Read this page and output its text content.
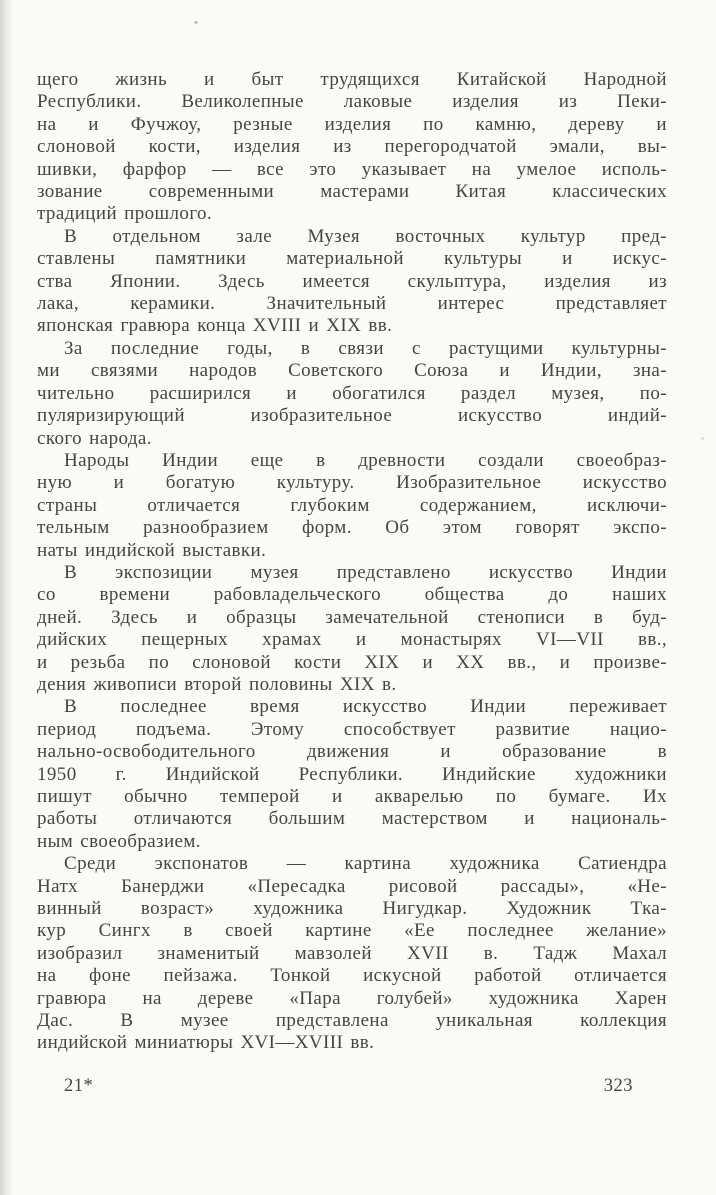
щего жизнь и быт трудящихся Китайской Народной
Республики. Великолепные лаковые изделия из Пеки-
на и Фучжоу, резные изделия по камню, дереву и
слоновой кости, изделия из перегородчатой эмали, вы-
шивки, фарфор — все это указывает на умелое исполь-
зование современными мастерами Китая классических
традиций прошлого.

В отдельном зале Музея восточных культур пред-
ставлены памятники материальной культуры и искус-
ства Японии. Здесь имеется скульптура, изделия из
лака, керамики. Значительный интерес представляет
японская гравюра конца XVIII и XIX вв.

За последние годы, в связи с растущими культурны-
ми связями народов Советского Союза и Индии, зна-
чительно расширился и обогатился раздел музея, по-
пуляризирующий изобразительное искусство индий-
ского народа.

Народы Индии еще в древности создали своеобраз-
ную и богатую культуру. Изобразительное искусство
страны отличается глубоким содержанием, исключи-
тельным разнообразием форм. Об этом говорят экспо-
наты индийской выставки.

В экспозиции музея представлено искусство Индии
со времени рабовладельческого общества до наших
дней. Здесь и образцы замечательной стенописи в буд-
дийских пещерных храмах и монастырях VI—VII вв.,
и резьба по слоновой кости XIX и XX вв., и произве-
дения живописи второй половины XIX в.

В последнее время искусство Индии переживает
период подъема. Этому способствует развитие нацио-
нально-освободительного движения и образование в
1950 г. Индийской Республики. Индийские художники
пишут обычно темперой и акварелью по бумаге. Их
работы отличаются большим мастерством и националь-
ным своеобразием.

Среди экспонатов — картина художника Сатиендра
Натх Банерджи «Пересадка рисовой рассады», «Не-
винный возраст» художника Нигудкар. Художник Тка-
кур Сингх в своей картине «Ее последнее желание»
изобразил знаменитый мавзолей XVII в. Тадж Махал
на фоне пейзажа. Тонкой искусной работой отличается
гравюра на дереве «Пара голубей» художника Харен
Дас. В музее представлена уникальная коллекция
индийской миниатюры XVI—XVIII вв.

21*	323
